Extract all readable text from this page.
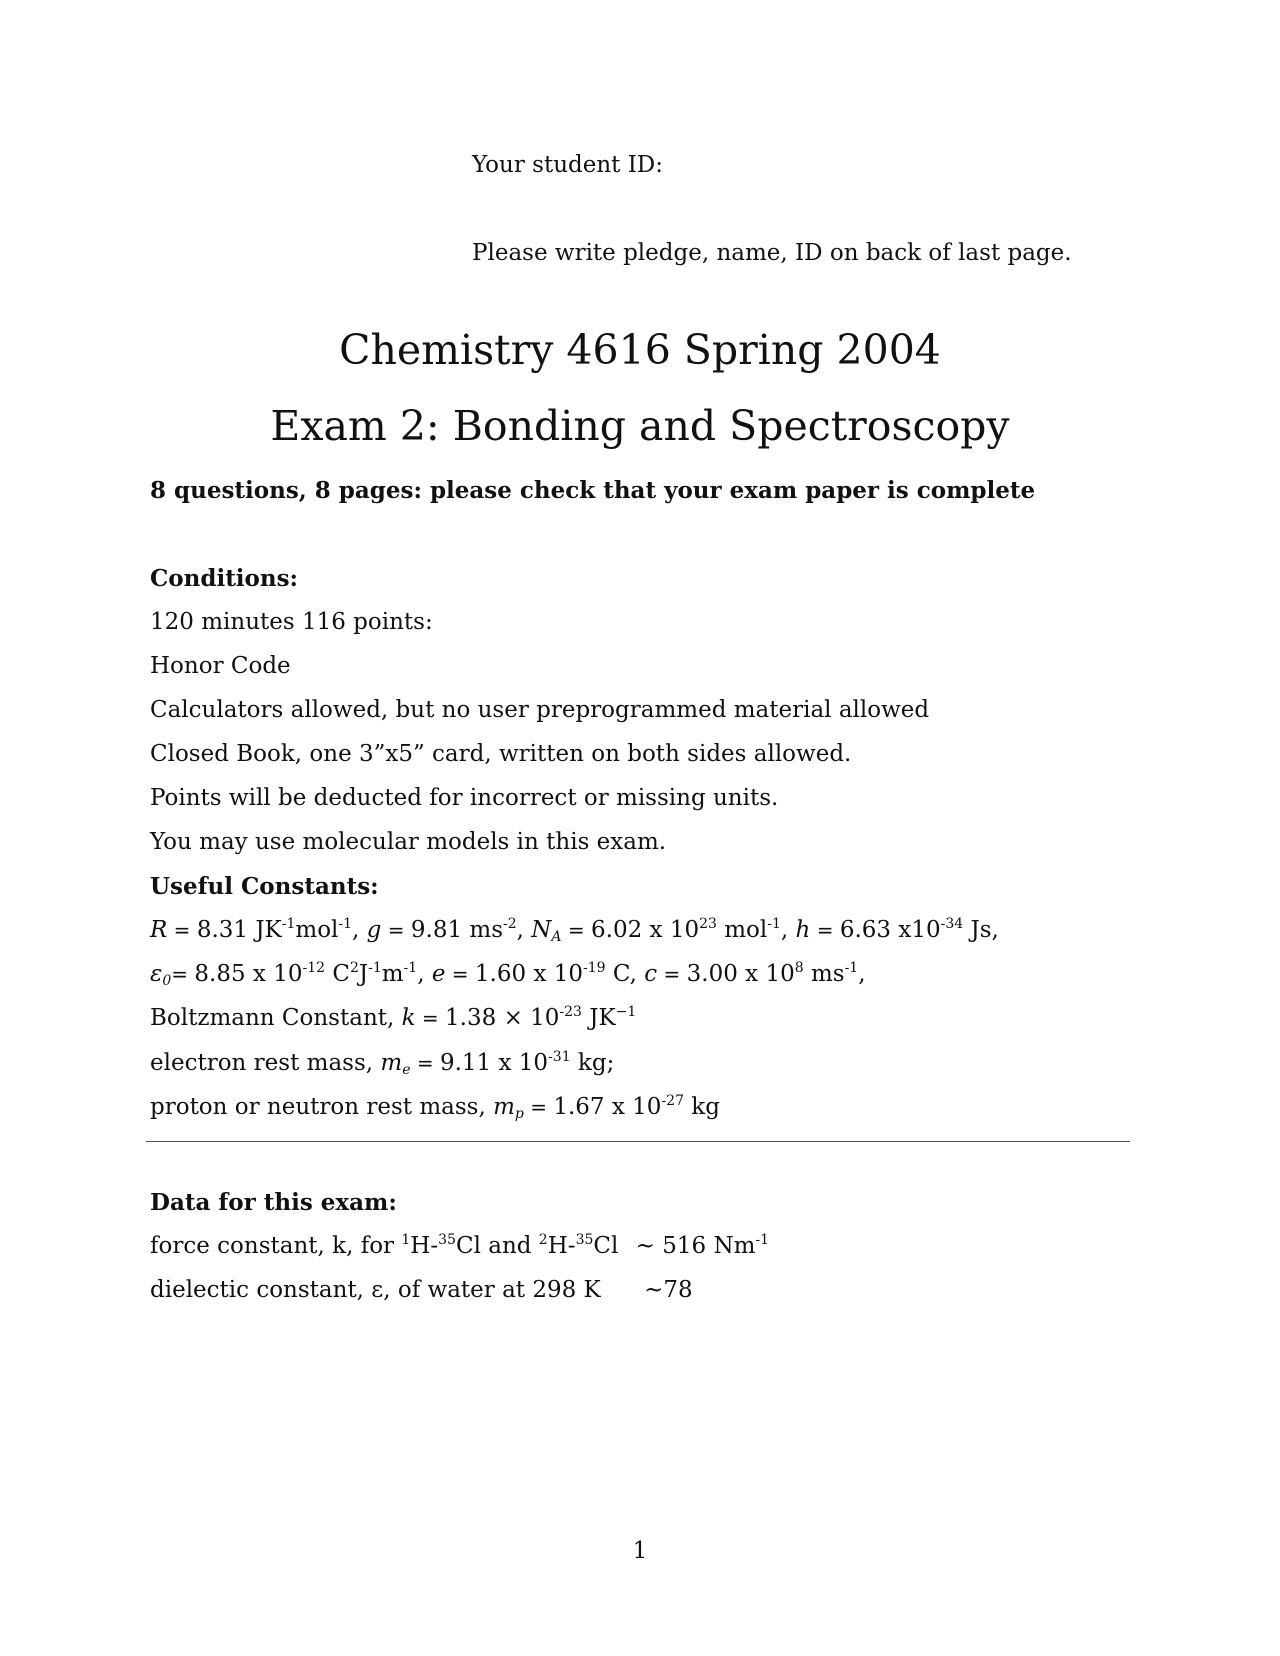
Your student ID:
Please write pledge, name, ID on back of last page.
Chemistry 4616 Spring 2004
Exam 2: Bonding and Spectroscopy
8 questions, 8 pages: please check that your exam paper is complete
Conditions:
120 minutes 116 points:
Honor Code
Calculators allowed, but no user preprogrammed material allowed
Closed Book, one 3”x5” card, written on both sides allowed.
Points will be deducted for incorrect or missing units.
You may use molecular models in this exam.
Useful Constants:
R = 8.31 $JK^{-1}mol^{-1}$, g = 9.81 $ms^{-2}$, $N_A = 6.02$ x $10^{23}$ mol$^{-1}$, h = 6.63 $x10^{-34}$ Js,
$\varepsilon_0= 8.85$ x $10^{-12}$ $C^2J^{-1}m^{-1}$, e = 1.60 x $10^{-19}$ C, c = 3.00 x $10^8$ $ms^{-1}$,
Boltzmann Constant, $k = 1.38 \times 10^{-23}$ $JK^{-1}$
electron rest mass, $m_e = 9.11$ x $10^{-31}$ kg;
proton or neutron rest mass, $m_p = 1.67$ x $10^{-27}$ kg
Data for this exam:
force constant, k, for $^1$H-$^{35}$Cl and $^2$H-$^{35}$Cl ~ 516 $Nm^{-1}$
dielectic constant, ε, of water at 298 K ~78
1
